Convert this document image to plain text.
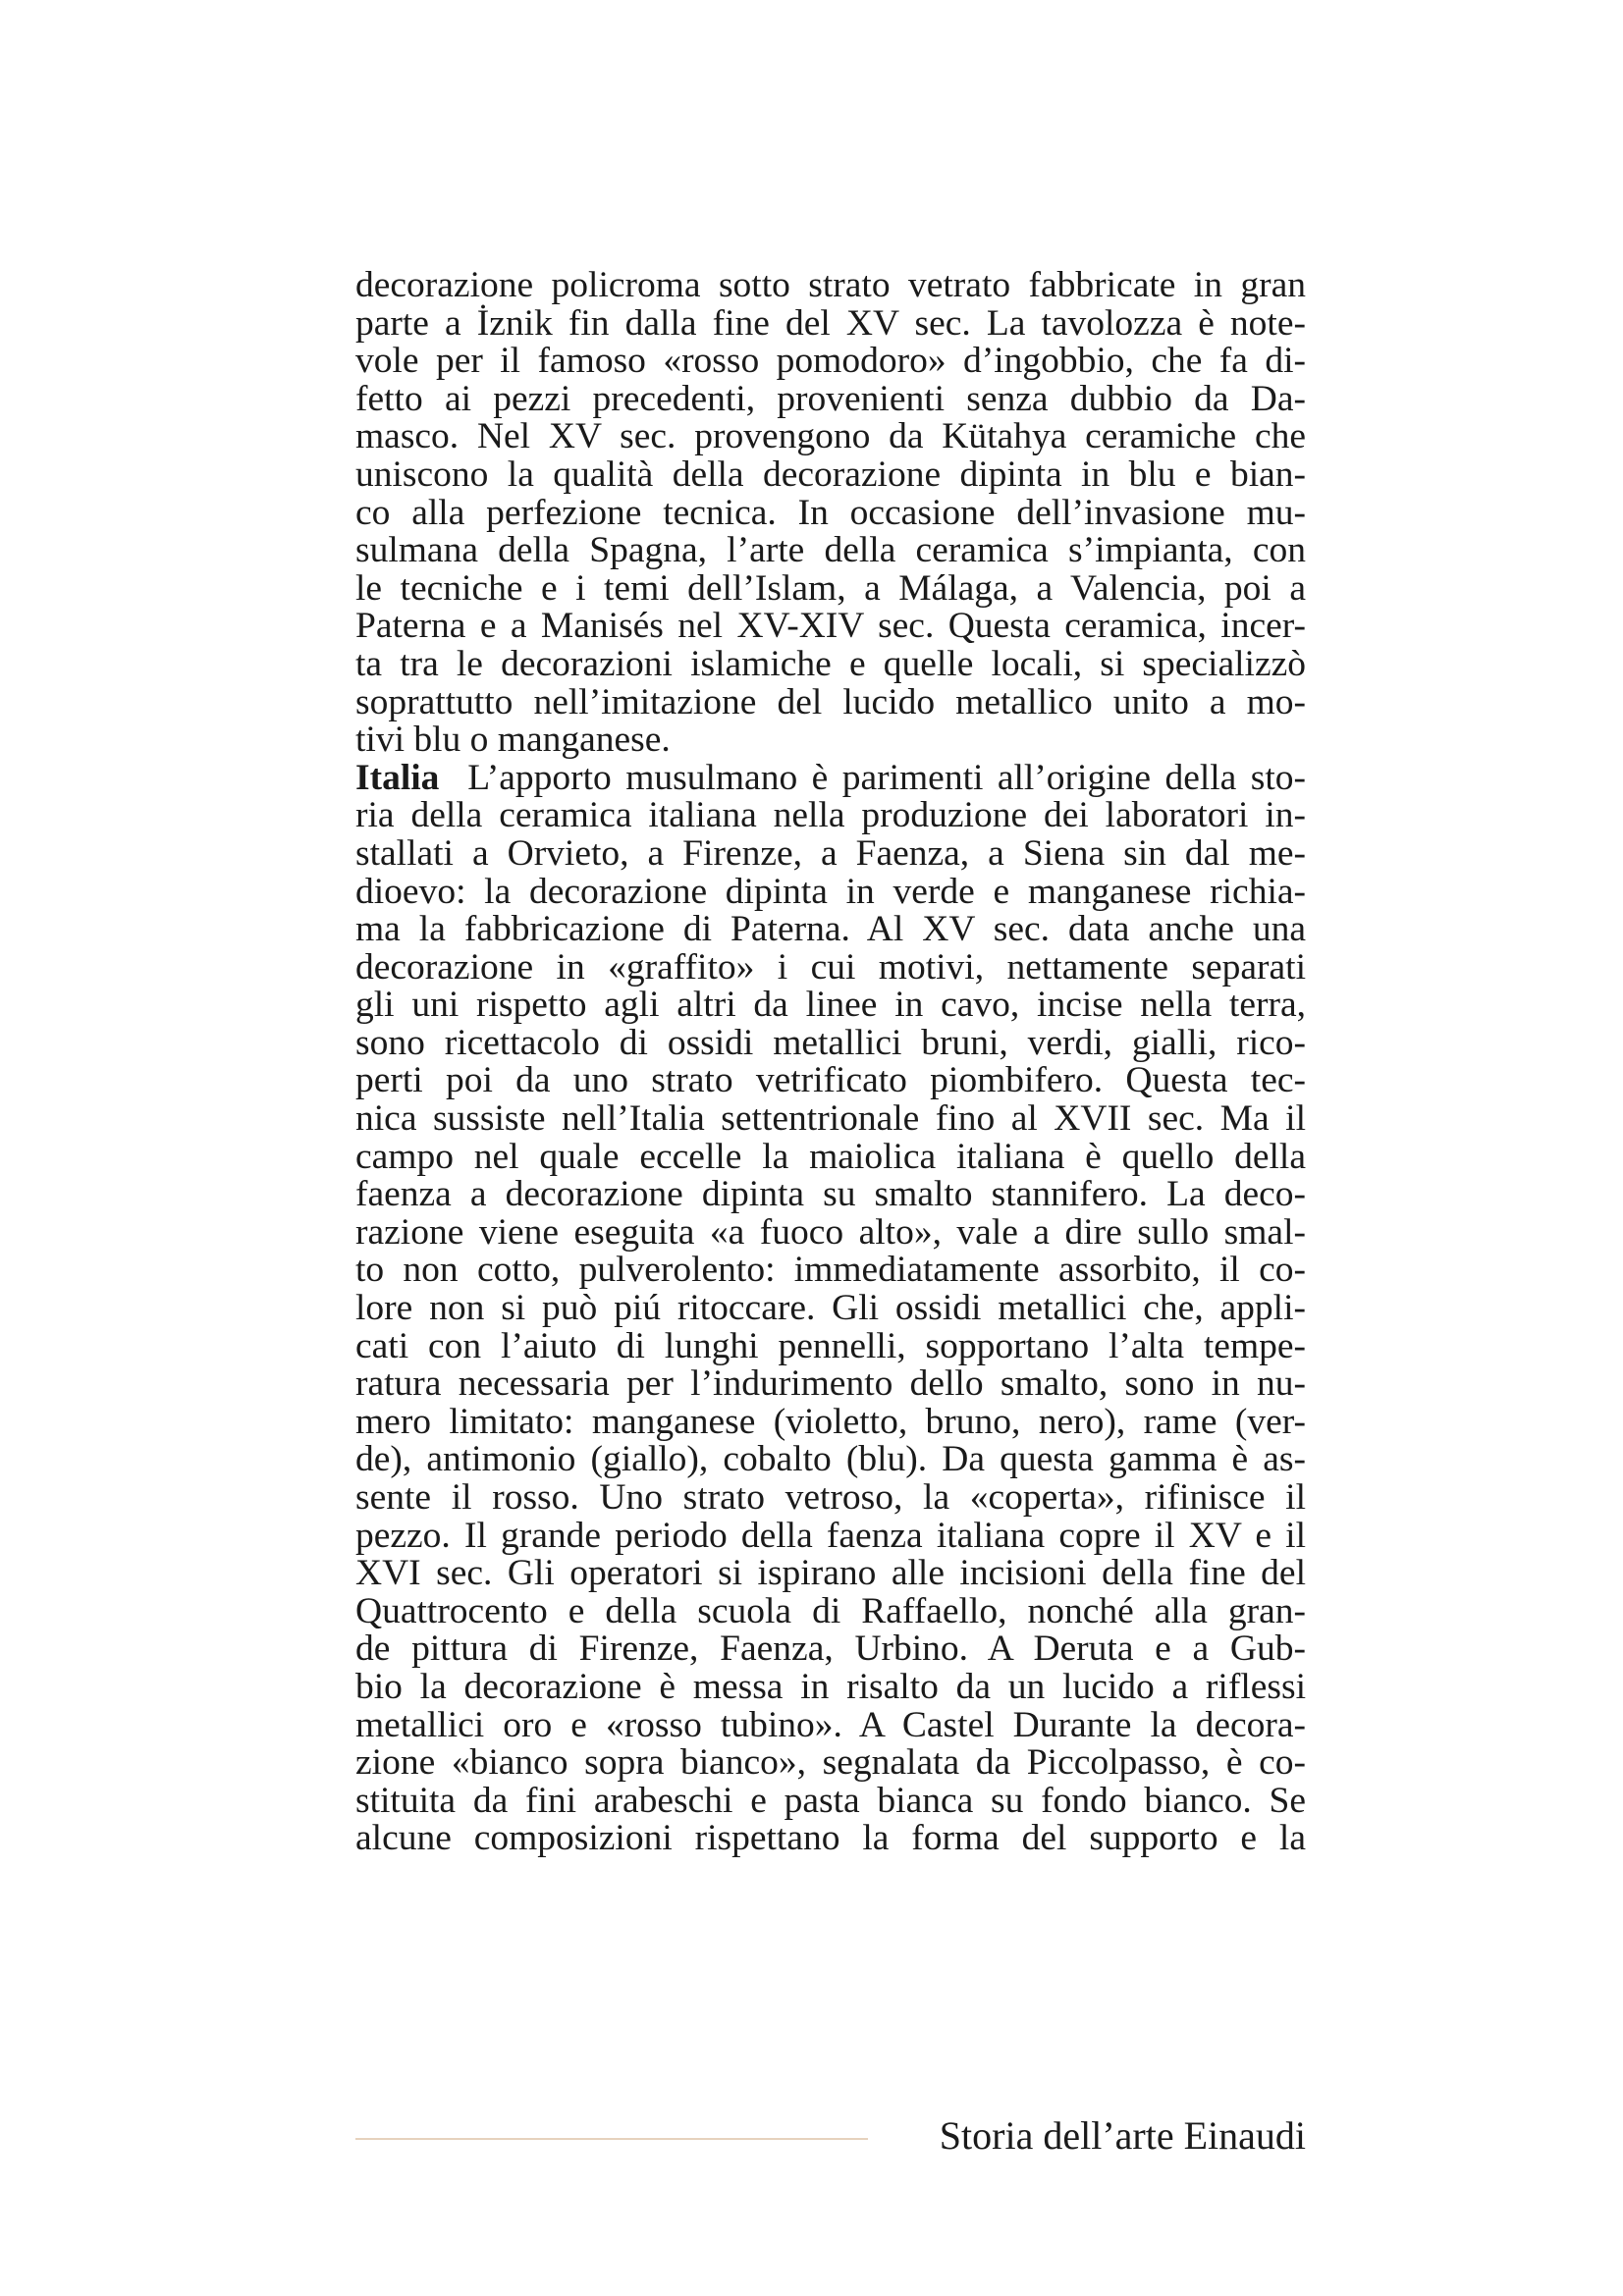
decorazione policroma sotto strato vetrato fabbricate in gran
parte a İznik fin dalla fine del XV sec. La tavolozza è note-
vole per il famoso «rosso pomodoro» d’ingobbio, che fa di-
fetto ai pezzi precedenti, provenienti senza dubbio da Da-
masco. Nel XV sec. provengono da Kütahya ceramiche che
uniscono la qualità della decorazione dipinta in blu e bian-
co alla perfezione tecnica. In occasione dell’invasione mu-
sulmana della Spagna, l’arte della ceramica s’impianta, con
le tecniche e i temi dell’Islam, a Málaga, a Valencia, poi a
Paterna e a Manisés nel XV-XIV sec. Questa ceramica, incer-
ta tra le decorazioni islamiche e quelle locali, si specializzò
soprattutto nell’imitazione del lucido metallico unito a mo-
tivi blu o manganese.
Italia L’apporto musulmano è parimenti all’origine della sto-
ria della ceramica italiana nella produzione dei laboratori in-
stallati a Orvieto, a Firenze, a Faenza, a Siena sin dal me-
dioevo: la decorazione dipinta in verde e manganese richia-
ma la fabbricazione di Paterna. Al XV sec. data anche una
decorazione in «graffito» i cui motivi, nettamente separati
gli uni rispetto agli altri da linee in cavo, incise nella terra,
sono ricettacolo di ossidi metallici bruni, verdi, gialli, rico-
perti poi da uno strato vetrificato piombifero. Questa tec-
nica sussiste nell’Italia settentrionale fino al XVII sec. Ma il
campo nel quale eccelle la maiolica italiana è quello della
faenza a decorazione dipinta su smalto stannifero. La deco-
razione viene eseguita «a fuoco alto», vale a dire sullo smal-
to non cotto, pulverolento: immediatamente assorbito, il co-
lore non si può piú ritoccare. Gli ossidi metallici che, appli-
cati con l’aiuto di lunghi pennelli, sopportano l’alta tempe-
ratura necessaria per l’indurimento dello smalto, sono in nu-
mero limitato: manganese (violetto, bruno, nero), rame (ver-
de), antimonio (giallo), cobalto (blu). Da questa gamma è as-
sente il rosso. Uno strato vetroso, la «coperta», rifinisce il
pezzo. Il grande periodo della faenza italiana copre il XV e il
XVI sec. Gli operatori si ispirano alle incisioni della fine del
Quattrocento e della scuola di Raffaello, nonché alla gran-
de pittura di Firenze, Faenza, Urbino. A Deruta e a Gub-
bio la decorazione è messa in risalto da un lucido a riflessi
metallici oro e «rosso tubino». A Castel Durante la decora-
zione «bianco sopra bianco», segnalata da Piccolpasso, è co-
stituita da fini arabeschi e pasta bianca su fondo bianco. Se
alcune composizioni rispettano la forma del supporto e la
Storia dell’arte Einaudi
